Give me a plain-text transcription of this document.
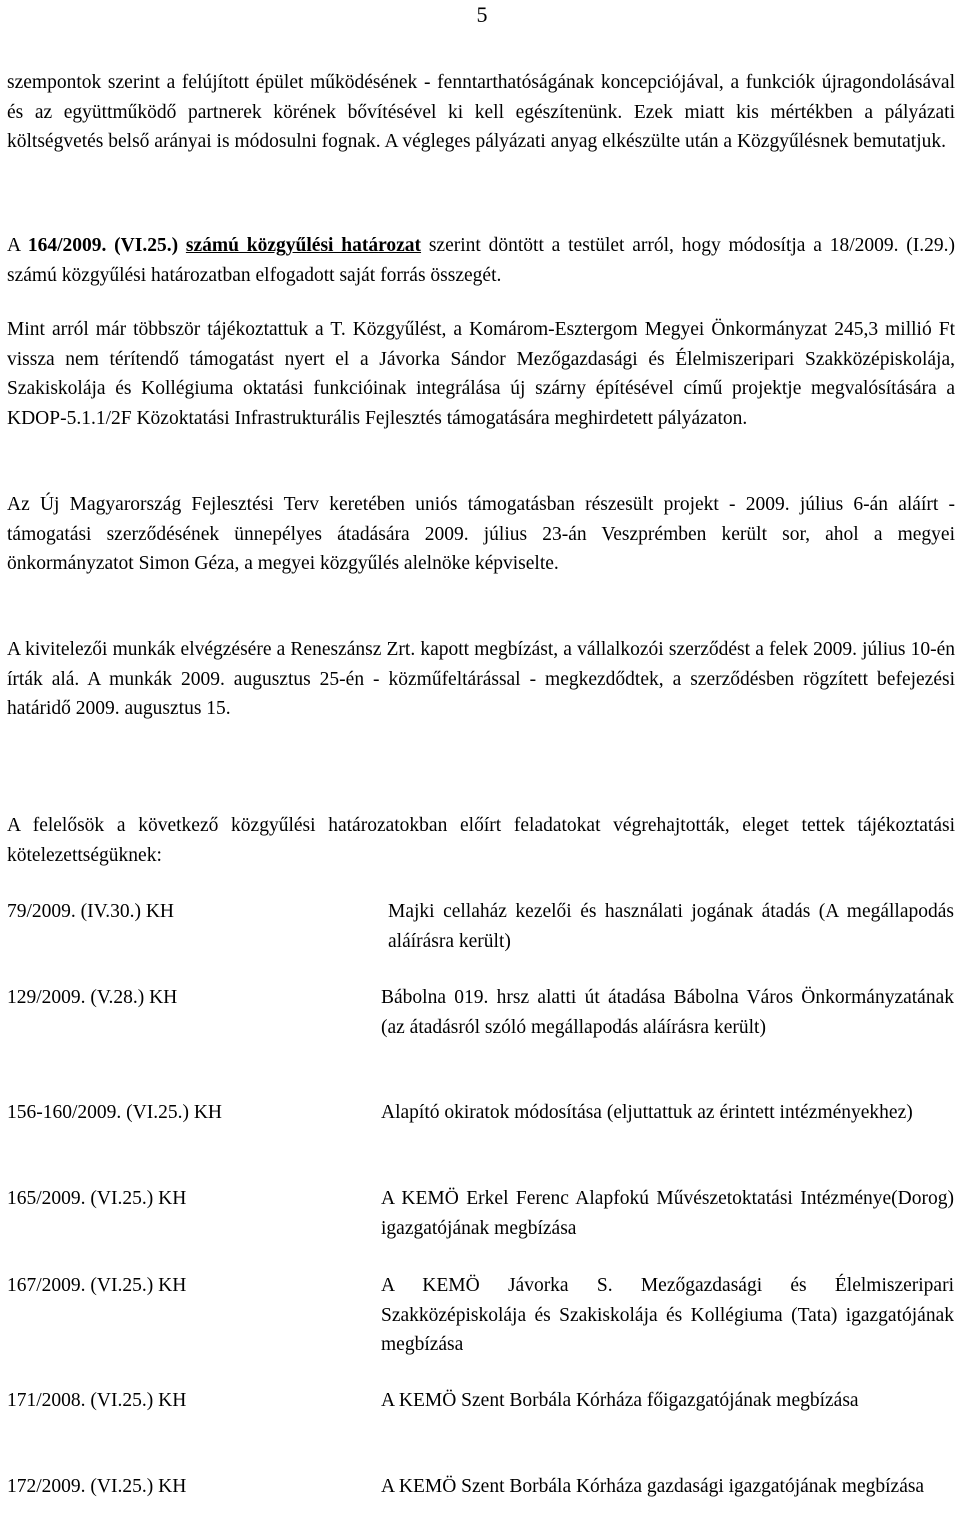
5
szempontok szerint a felújított épület működésének - fenntarthatóságának koncepciójával, a funkciók újragondolásával és az együttműködő partnerek körének bővítésével ki kell egészítenünk. Ezek miatt kis mértékben a pályázati költségvetés belső arányai is módosulni fognak. A végleges pályázati anyag elkészülte után a Közgyűlésnek bemutatjuk.
A 164/2009. (VI.25.) számú közgyűlési határozat szerint döntött a testület arról, hogy módosítja a 18/2009. (I.29.) számú közgyűlési határozatban elfogadott saját forrás összegét.
Mint arról már többször tájékoztattuk a T. Közgyűlést, a Komárom-Esztergom Megyei Önkormányzat 245,3 millió Ft vissza nem térítendő támogatást nyert el a Jávorka Sándor Mezőgazdasági és Élelmiszeripari Szakközépiskolája, Szakiskolája és Kollégiuma oktatási funkcióinak integrálása új szárny építésével című projektje megvalósítására a KDOP-5.1.1/2F Közoktatási Infrastrukturális Fejlesztés támogatására meghirdetett pályázaton.
Az Új Magyarország Fejlesztési Terv keretében uniós támogatásban részesült projekt - 2009. július 6-án aláírt - támogatási szerződésének ünnepélyes átadására 2009. július 23-án Veszprémben került sor, ahol a megyei önkormányzatot Simon Géza, a megyei közgyűlés alelnöke képviselte.
A kivitelezői munkák elvégzésére a Reneszánsz Zrt. kapott megbízást, a vállalkozói szerződést a felek 2009. július 10-én írták alá. A munkák 2009. augusztus 25-én - közműfeltárással - megkezdődtek, a szerződésben rögzített befejezési határidő 2009. augusztus 15.
A felelősök a következő közgyűlési határozatokban előírt feladatokat végrehajtották, eleget tettek tájékoztatási kötelezettségüknek:
79/2009. (IV.30.) KH	Majki cellaház kezelői és használati jogának átadás (A megállapodás aláírásra került)
129/2009. (V.28.) KH	Bábolna 019. hrsz alatti út átadása Bábolna Város Önkormányzatának (az átadásról szóló megállapodás aláírásra került)
156-160/2009. (VI.25.) KH	Alapító okiratok módosítása (eljuttattuk az érintett intézményekhez)
165/2009. (VI.25.) KH	A KEMÖ Erkel Ferenc Alapfokú Művészetoktatási Intézménye(Dorog) igazgatójának megbízása
167/2009. (VI.25.) KH	A KEMÖ Jávorka S. Mezőgazdasági és Élelmiszeripari Szakközépiskolája és Szakiskolája és Kollégiuma (Tata) igazgatójának megbízása
171/2008. (VI.25.) KH	A KEMÖ Szent Borbála Kórháza főigazgatójának megbízása
172/2009. (VI.25.) KH	A KEMÖ Szent Borbála Kórháza gazdasági igazgatójának megbízása
